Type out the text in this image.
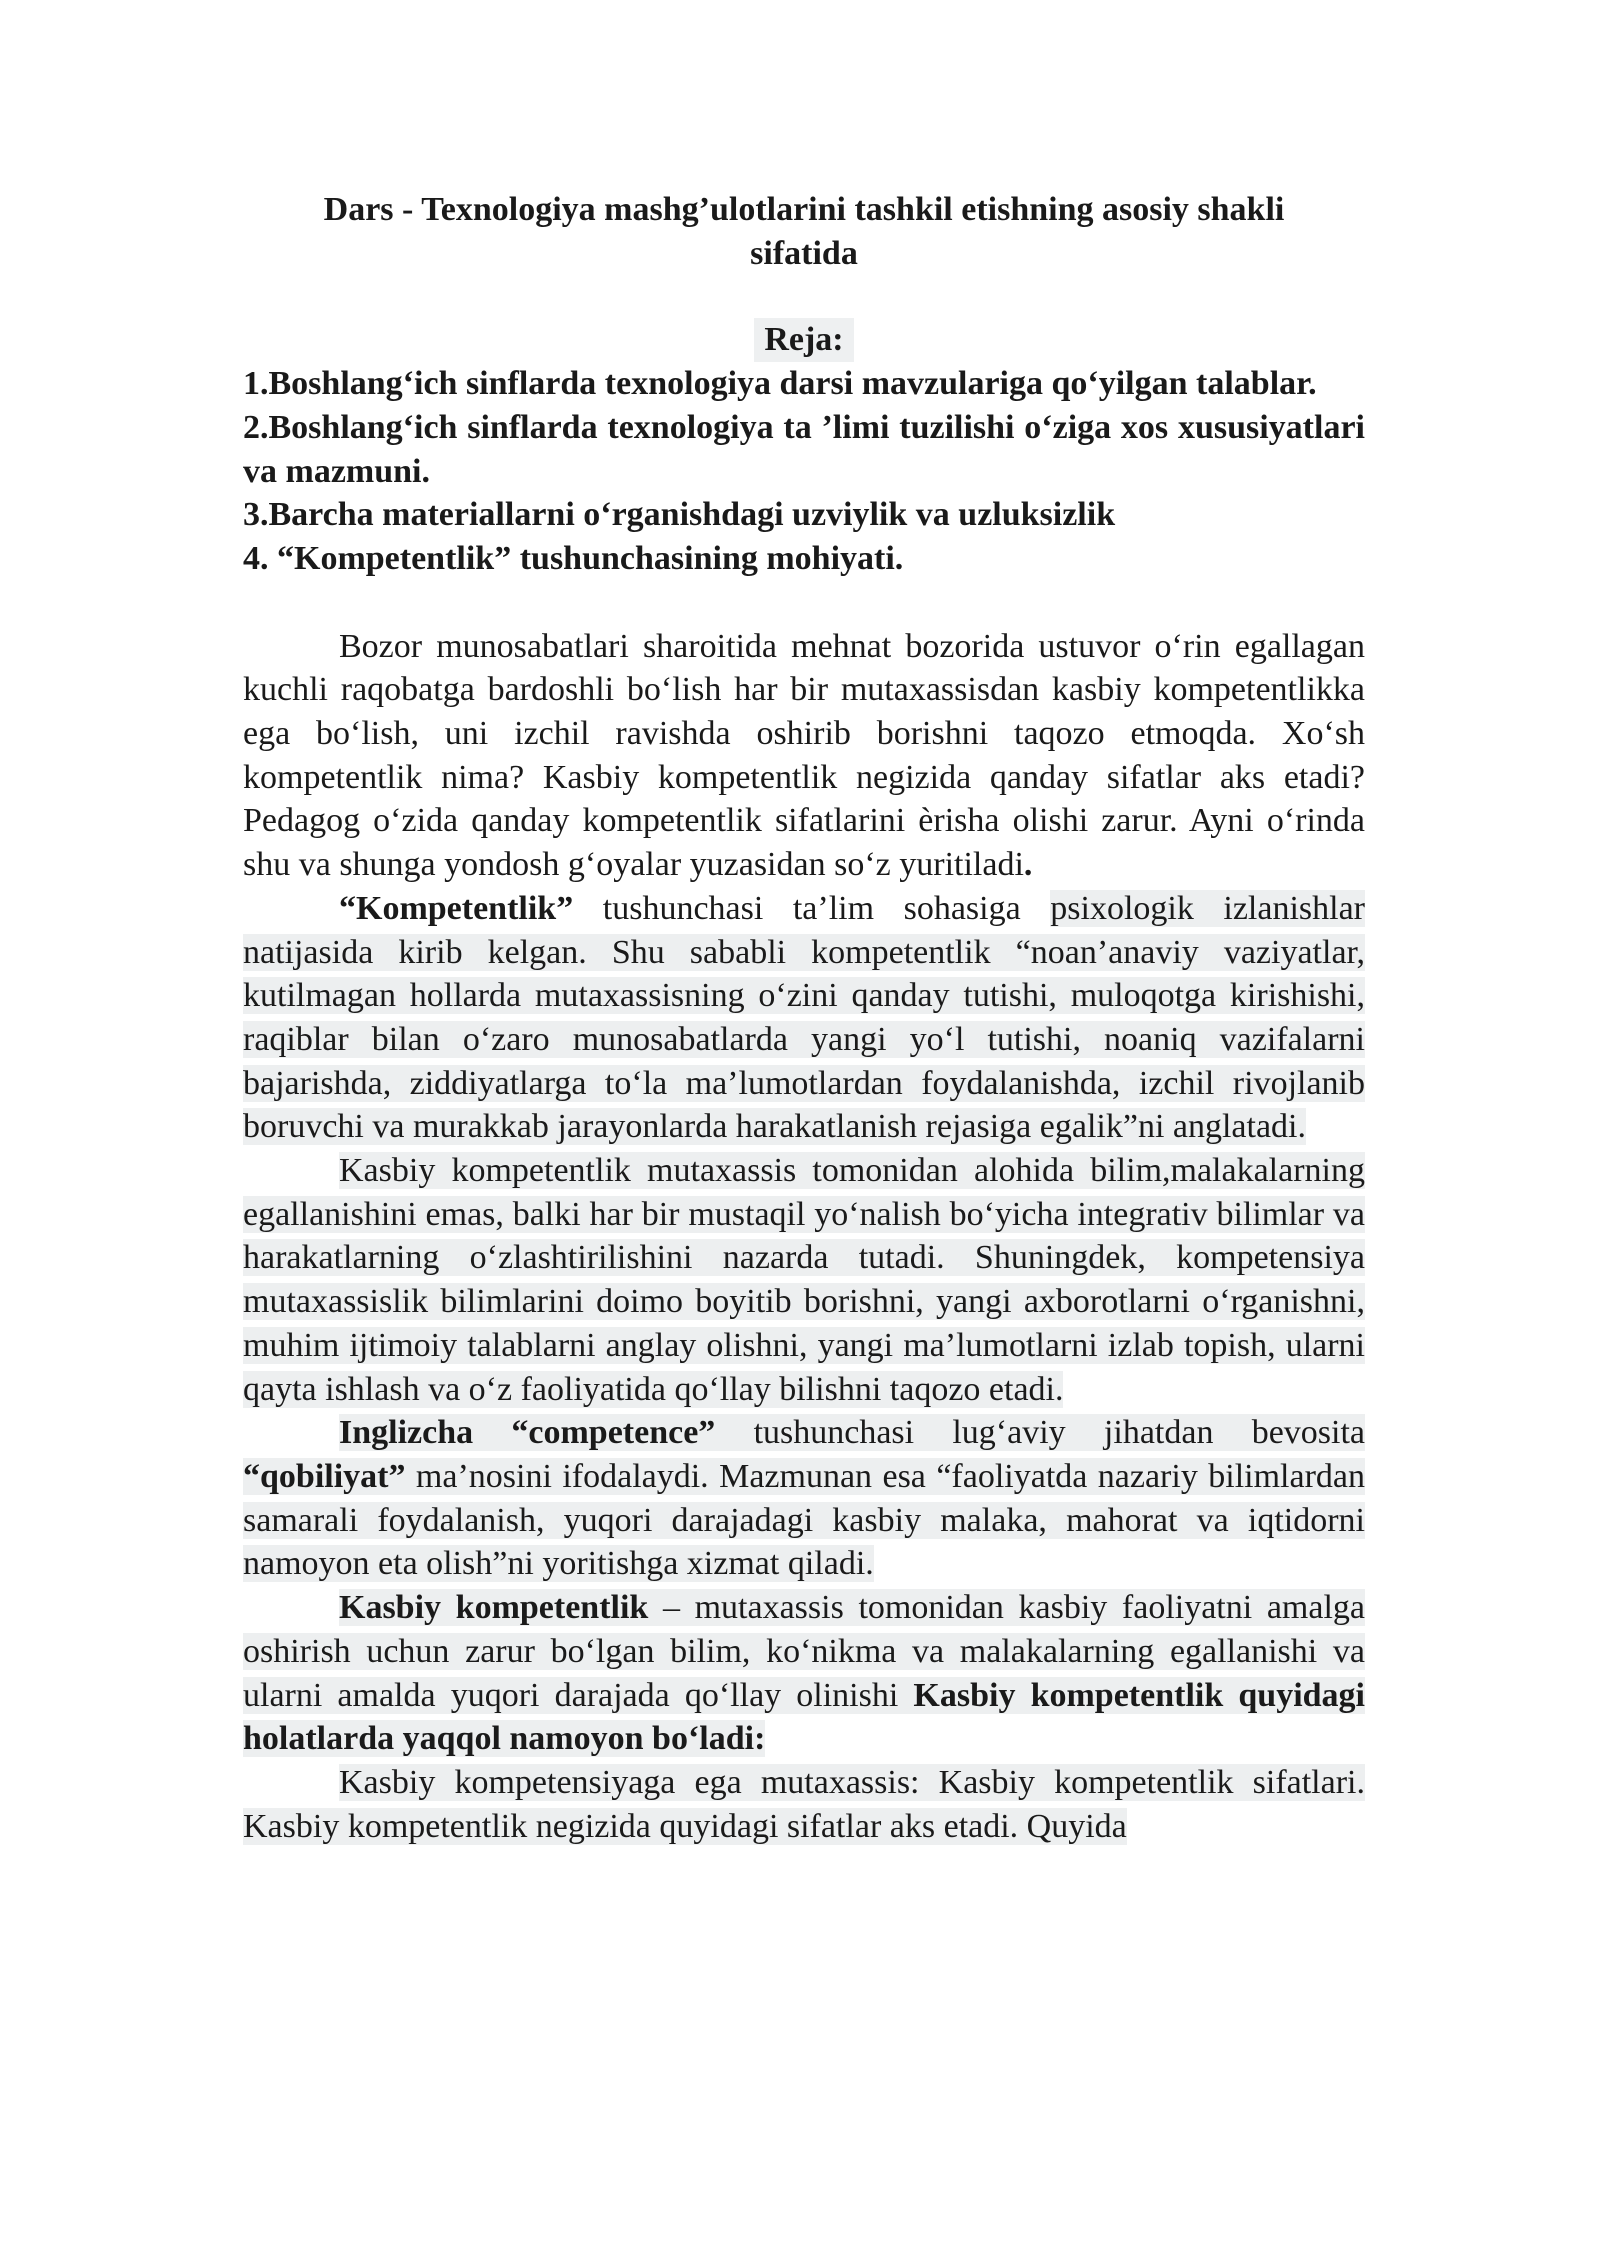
Dars - Texnologiya mashg’ulotlarini tashkil etishning asosiy shakli
sifatida
Reja:
1.Boshlang‘ich sinflarda texnologiya darsi mavzulariga qo‘yilgan talablar.
2.Boshlang‘ich sinflarda texnologiya ta ’limi tuzilishi o‘ziga xos xususiyatlari va mazmuni.
3.Barcha materiallarni o‘rganishdagi uzviylik va uzluksizlik
4. “Kompetentlik” tushunchasining mohiyati.

Bozor munosabatlari sharoitida mehnat bozorida ustuvor o‘rin egallagan kuchli raqobatga bardoshli bo‘lish har bir mutaxassisdan kasbiy kompetentlikka ega bo‘lish, uni izchil ravishda oshirib borishni taqozo etmoqda. Xo‘sh kompetentlik nima? Kasbiy kompetentlik negizida qanday sifatlar aks etadi? Pedagog o‘zida qanday kompetentlik sifatlarini èrisha olishi zarur. Ayni o‘rinda shu va shunga yondosh g‘oyalar yuzasidan so‘z yuritiladi.

“Kompetentlik” tushunchasi ta’lim sohasiga psixologik izlanishlar natijasida kirib kelgan. Shu sababli kompetentlik “noan’anaviy vaziyatlar, kutilmagan hollarda mutaxassisning o‘zini qanday tutishi, muloqotga kirishishi, raqiblar bilan o‘zaro munosabatlarda yangi yo‘l tutishi, noaniq vazifalarni bajarishda, ziddiyatlarga to‘la ma’lumotlardan foydalanishda, izchil rivojlanib boruvchi va murakkab jarayonlarda harakatlanish rejasiga egalik”ni anglatadi.

Kasbiy kompetentlik mutaxassis tomonidan alohida bilim,malakalarning egallanishini emas, balki har bir mustaqil yo‘nalish bo‘yicha integrativ bilimlar va harakatlarning o‘zlashtirilishini nazarda tutadi. Shuningdek, kompetensiya mutaxassislik bilimlarini doimo boyitib borishni, yangi axborotlarni o‘rganishni, muhim ijtimoiy talablarni anglay olishni, yangi ma’lumotlarni izlab topish, ularni qayta ishlash va o‘z faoliyatida qo‘llay bilishni taqozo etadi.

Inglizcha “competence” tushunchasi lug‘aviy jihatdan bevosita “qobiliyat” ma’nosini ifodalaydi. Mazmunan esa “faoliyatda nazariy bilimlardan samarali foydalanish, yuqori darajadagi kasbiy malaka, mahorat va iqtidorni namoyon eta olish”ni yoritishga xizmat qiladi.

Kasbiy kompetentlik – mutaxassis tomonidan kasbiy faoliyatni amalga oshirish uchun zarur bo‘lgan bilim, ko‘nikma va malakalarning egallanishi va ularni amalda yuqori darajada qo‘llay olinishi Kasbiy kompetentlik quyidagi holatlarda yaqqol namoyon bo‘ladi:

Kasbiy kompetensiyaga ega mutaxassis: Kasbiy kompetentlik sifatlari. Kasbiy kompetentlik negizida quyidagi sifatlar aks etadi. Quyida
